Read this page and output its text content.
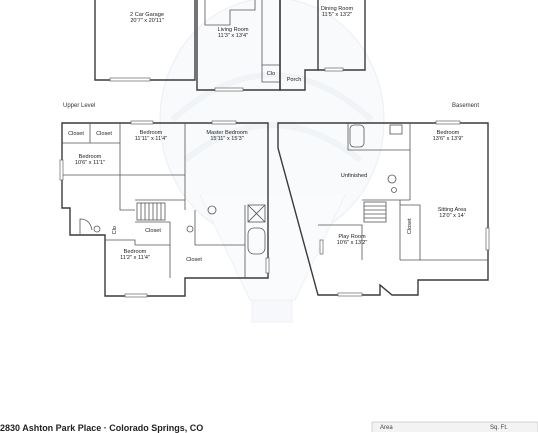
2 Car Garage
20'7" x 20'11"
Living Room
11'3" x 13'4"
Dining Room
11'5" x 13'2"
Clo
Porch
Upper Level	Basement
Closet	Closet	Bedroom
11'11" x 11'4"
Master Bedroom
15'11" x 15'3"
Bedroom
10'6" x 11'1"
Closet
Bedroom
11'2" x 11'4"	Closet
Clo
Bedroom
13'6" x 13'9"
Unfinished
Sitting Area
12'0" x 14'
Closet
Play Room
10'6" x 13'2"
2830 Ashton Park Place · Colorado Springs, CO	Area	Sq. Ft.
